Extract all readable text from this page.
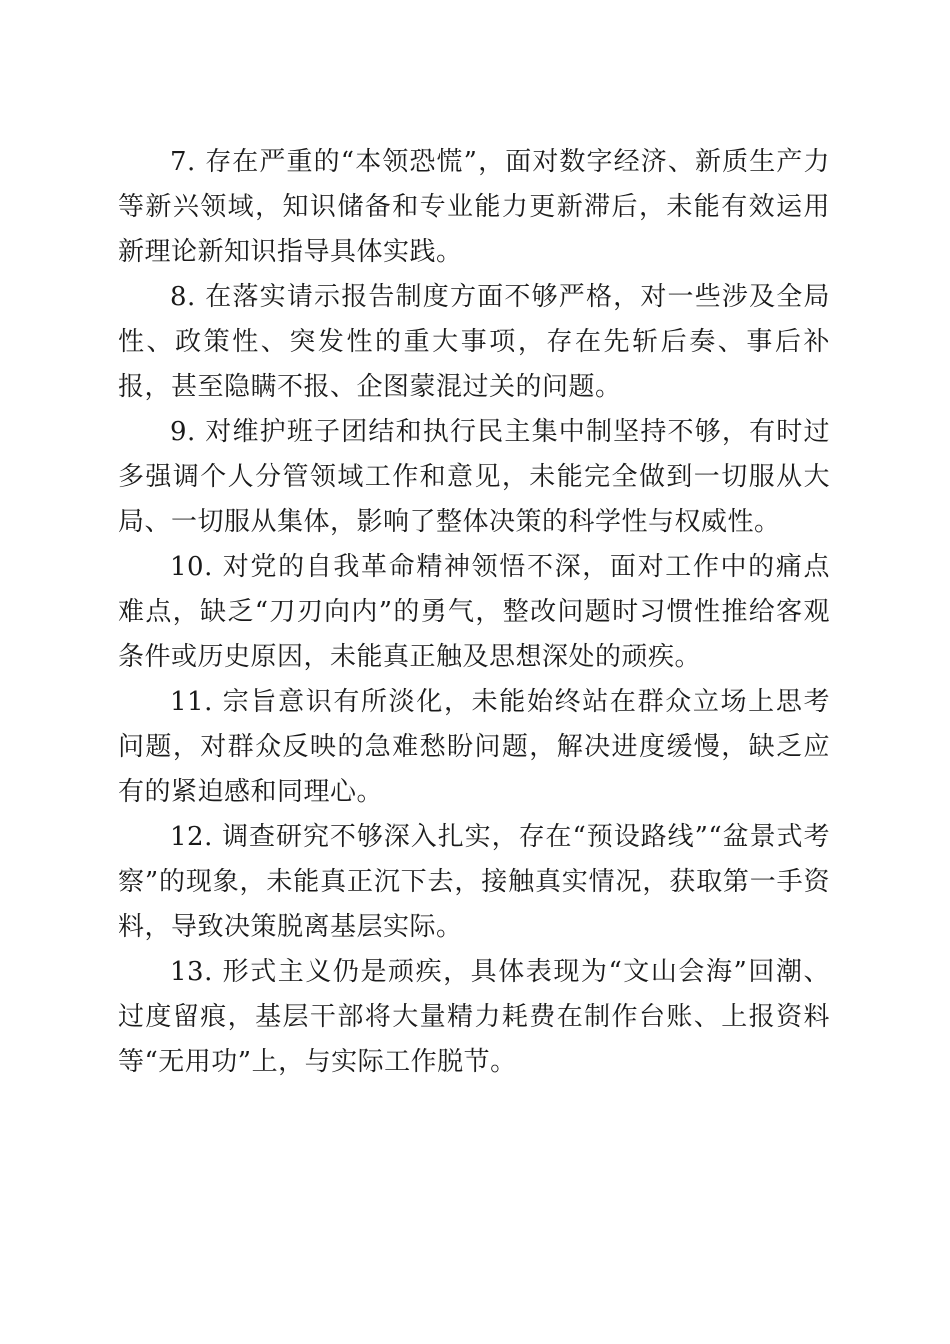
7. 存在严重的“本领恐慌”，面对数字经济、新质生产力等新兴领域，知识储备和专业能力更新滞后，未能有效运用新理论新知识指导具体实践。

8. 在落实请示报告制度方面不够严格，对一些涉及全局性、政策性、突发性的重大事项，存在先斩后奏、事后补报，甚至隐瞒不报、企图蒙混过关的问题。

9. 对维护班子团结和执行民主集中制坚持不够，有时过多强调个人分管领域工作和意见，未能完全做到一切服从大局、一切服从集体，影响了整体决策的科学性与权威性。

10. 对党的自我革命精神领悟不深，面对工作中的痛点难点，缺乏“刀刃向内”的勇气，整改问题时习惯性推给客观条件或历史原因，未能真正触及思想深处的顽疾。

11. 宗旨意识有所淡化，未能始终站在群众立场上思考问题，对群众反映的急难愁盼问题，解决进度缓慢，缺乏应有的紧迫感和同理心。

12. 调查研究不够深入扎实，存在“预设路线”“盆景式考察”的现象，未能真正沉下去，接触真实情况，获取第一手资料，导致决策脱离基层实际。

13. 形式主义仍是顽疾，具体表现为“文山会海”回潮、过度留痕，基层干部将大量精力耗费在制作台账、上报资料等“无用功”上，与实际工作脱节。
